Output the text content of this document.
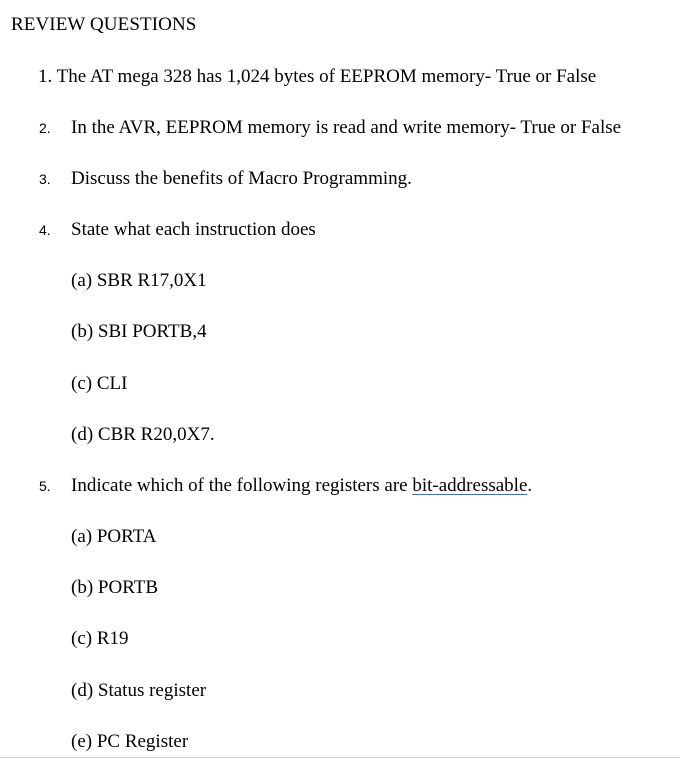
REVIEW QUESTIONS
1. The AT mega 328 has 1,024 bytes of EEPROM memory- True or False
2. In the AVR, EEPROM memory is read and write memory- True or False
3. Discuss the benefits of Macro Programming.
4. State what each instruction does
(a) SBR R17,0X1
(b) SBI PORTB,4
(c) CLI
(d) CBR R20,0X7.
5. Indicate which of the following registers are bit-addressable.
(a) PORTA
(b) PORTB
(c) R19
(d) Status register
(e) PC Register
